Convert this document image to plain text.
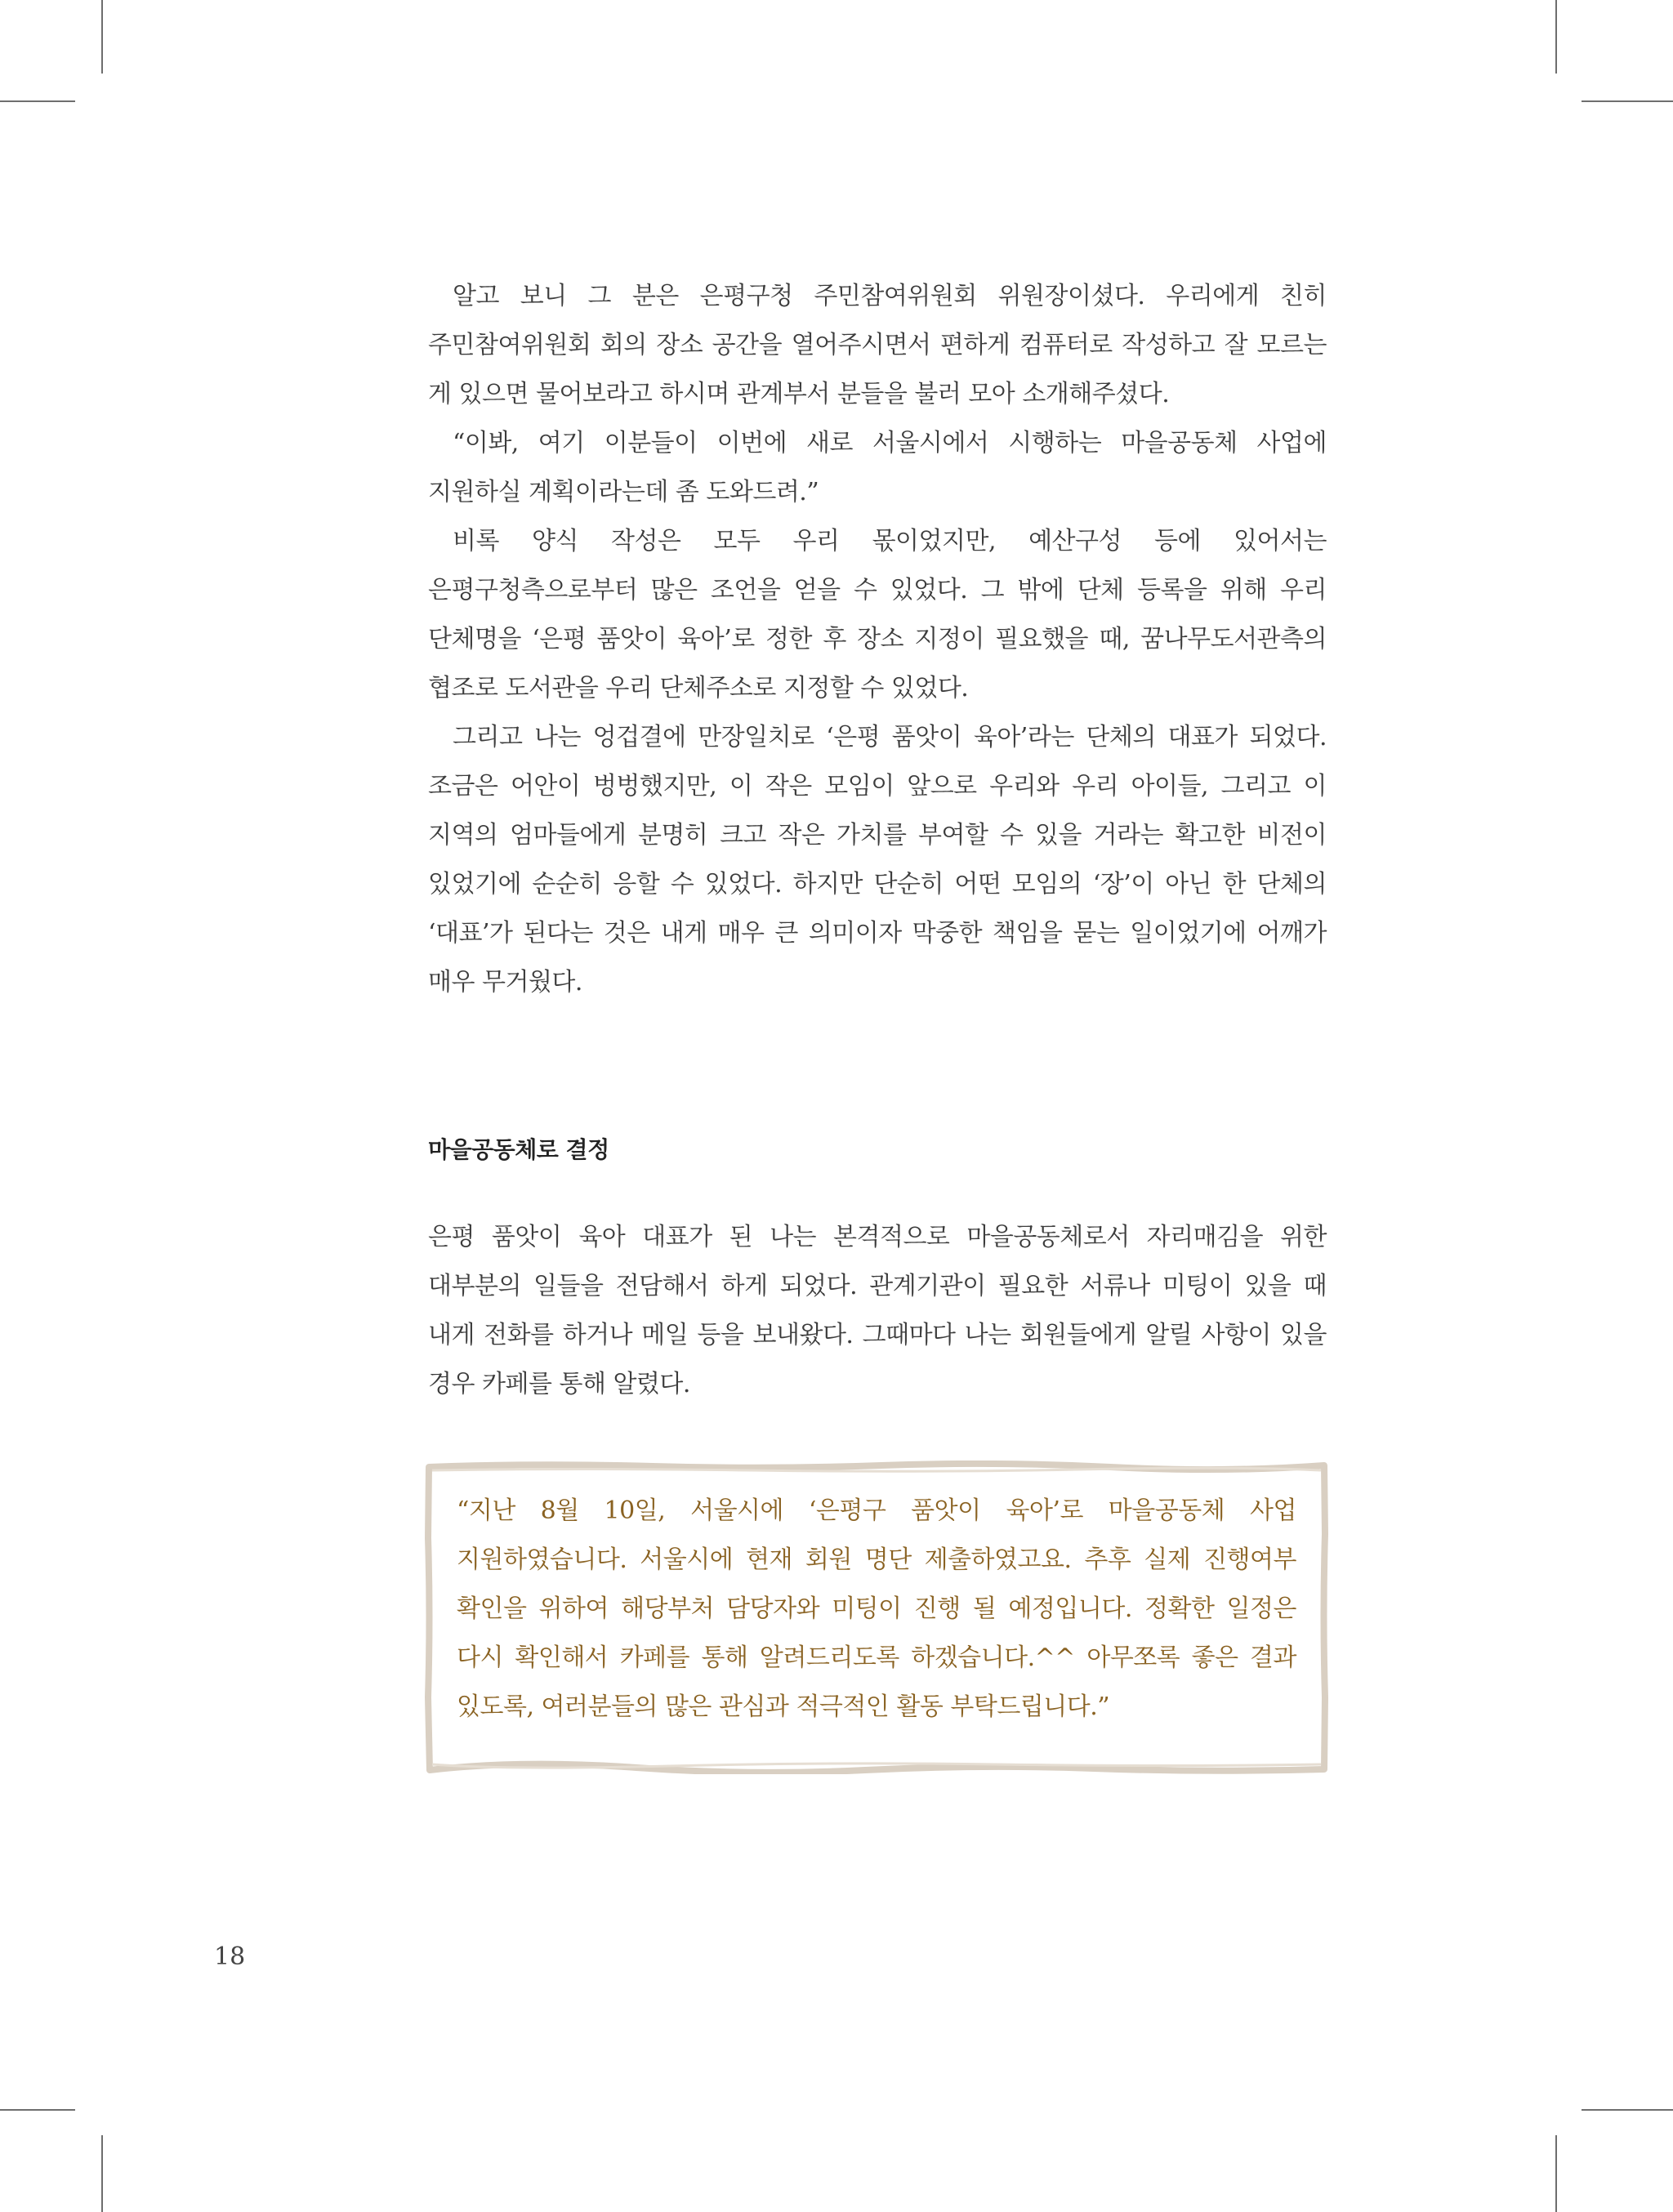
알고 보니 그 분은 은평구청 주민참여위원회 위원장이셨다. 우리에게 친히 주민참여위원회 회의 장소 공간을 열어주시면서 편하게 컴퓨터로 작성하고 잘 모르는 게 있으면 물어보라고 하시며 관계부서 분들을 불러 모아 소개해주셨다.

“이봐, 여기 이분들이 이번에 새로 서울시에서 시행하는 마을공동체 사업에 지원하실 계획이라는데 좀 도와드려.”

비록 양식 작성은 모두 우리 몫이었지만, 예산구성 등에 있어서는 은평구청측으로부터 많은 조언을 얻을 수 있었다. 그 밖에 단체 등록을 위해 우리 단체명을 ‘은평 품앗이 육아’로 정한 후 장소 지정이 필요했을 때, 꿈나무도서관측의 협조로 도서관을 우리 단체주소로 지정할 수 있었다.

그리고 나는 엉겁결에 만장일치로 ‘은평 품앗이 육아’라는 단체의 대표가 되었다. 조금은 어안이 벙벙했지만, 이 작은 모임이 앞으로 우리와 우리 아이들, 그리고 이 지역의 엄마들에게 분명히 크고 작은 가치를 부여할 수 있을 거라는 확고한 비전이 있었기에 순순히 응할 수 있었다. 하지만 단순히 어떤 모임의 ‘장’이 아닌 한 단체의 ‘대표’가 된다는 것은 내게 매우 큰 의미이자 막중한 책임을 묻는 일이었기에 어깨가 매우 무거웠다.

마을공동체로 결정

은평 품앗이 육아 대표가 된 나는 본격적으로 마을공동체로서 자리매김을 위한 대부분의 일들을 전담해서 하게 되었다. 관계기관이 필요한 서류나 미팅이 있을 때 내게 전화를 하거나 메일 등을 보내왔다. 그때마다 나는 회원들에게 알릴 사항이 있을 경우 카페를 통해 알렸다.

“지난 8월 10일, 서울시에 ‘은평구 품앗이 육아’로 마을공동체 사업 지원하였습니다. 서울시에 현재 회원 명단 제출하였고요. 추후 실제 진행여부 확인을 위하여 해당부처 담당자와 미팅이 진행 될 예정입니다. 정확한 일정은 다시 확인해서 카페를 통해 알려드리도록 하겠습니다.^^ 아무쪼록 좋은 결과 있도록, 여러분들의 많은 관심과 적극적인 활동 부탁드립니다.”

18
